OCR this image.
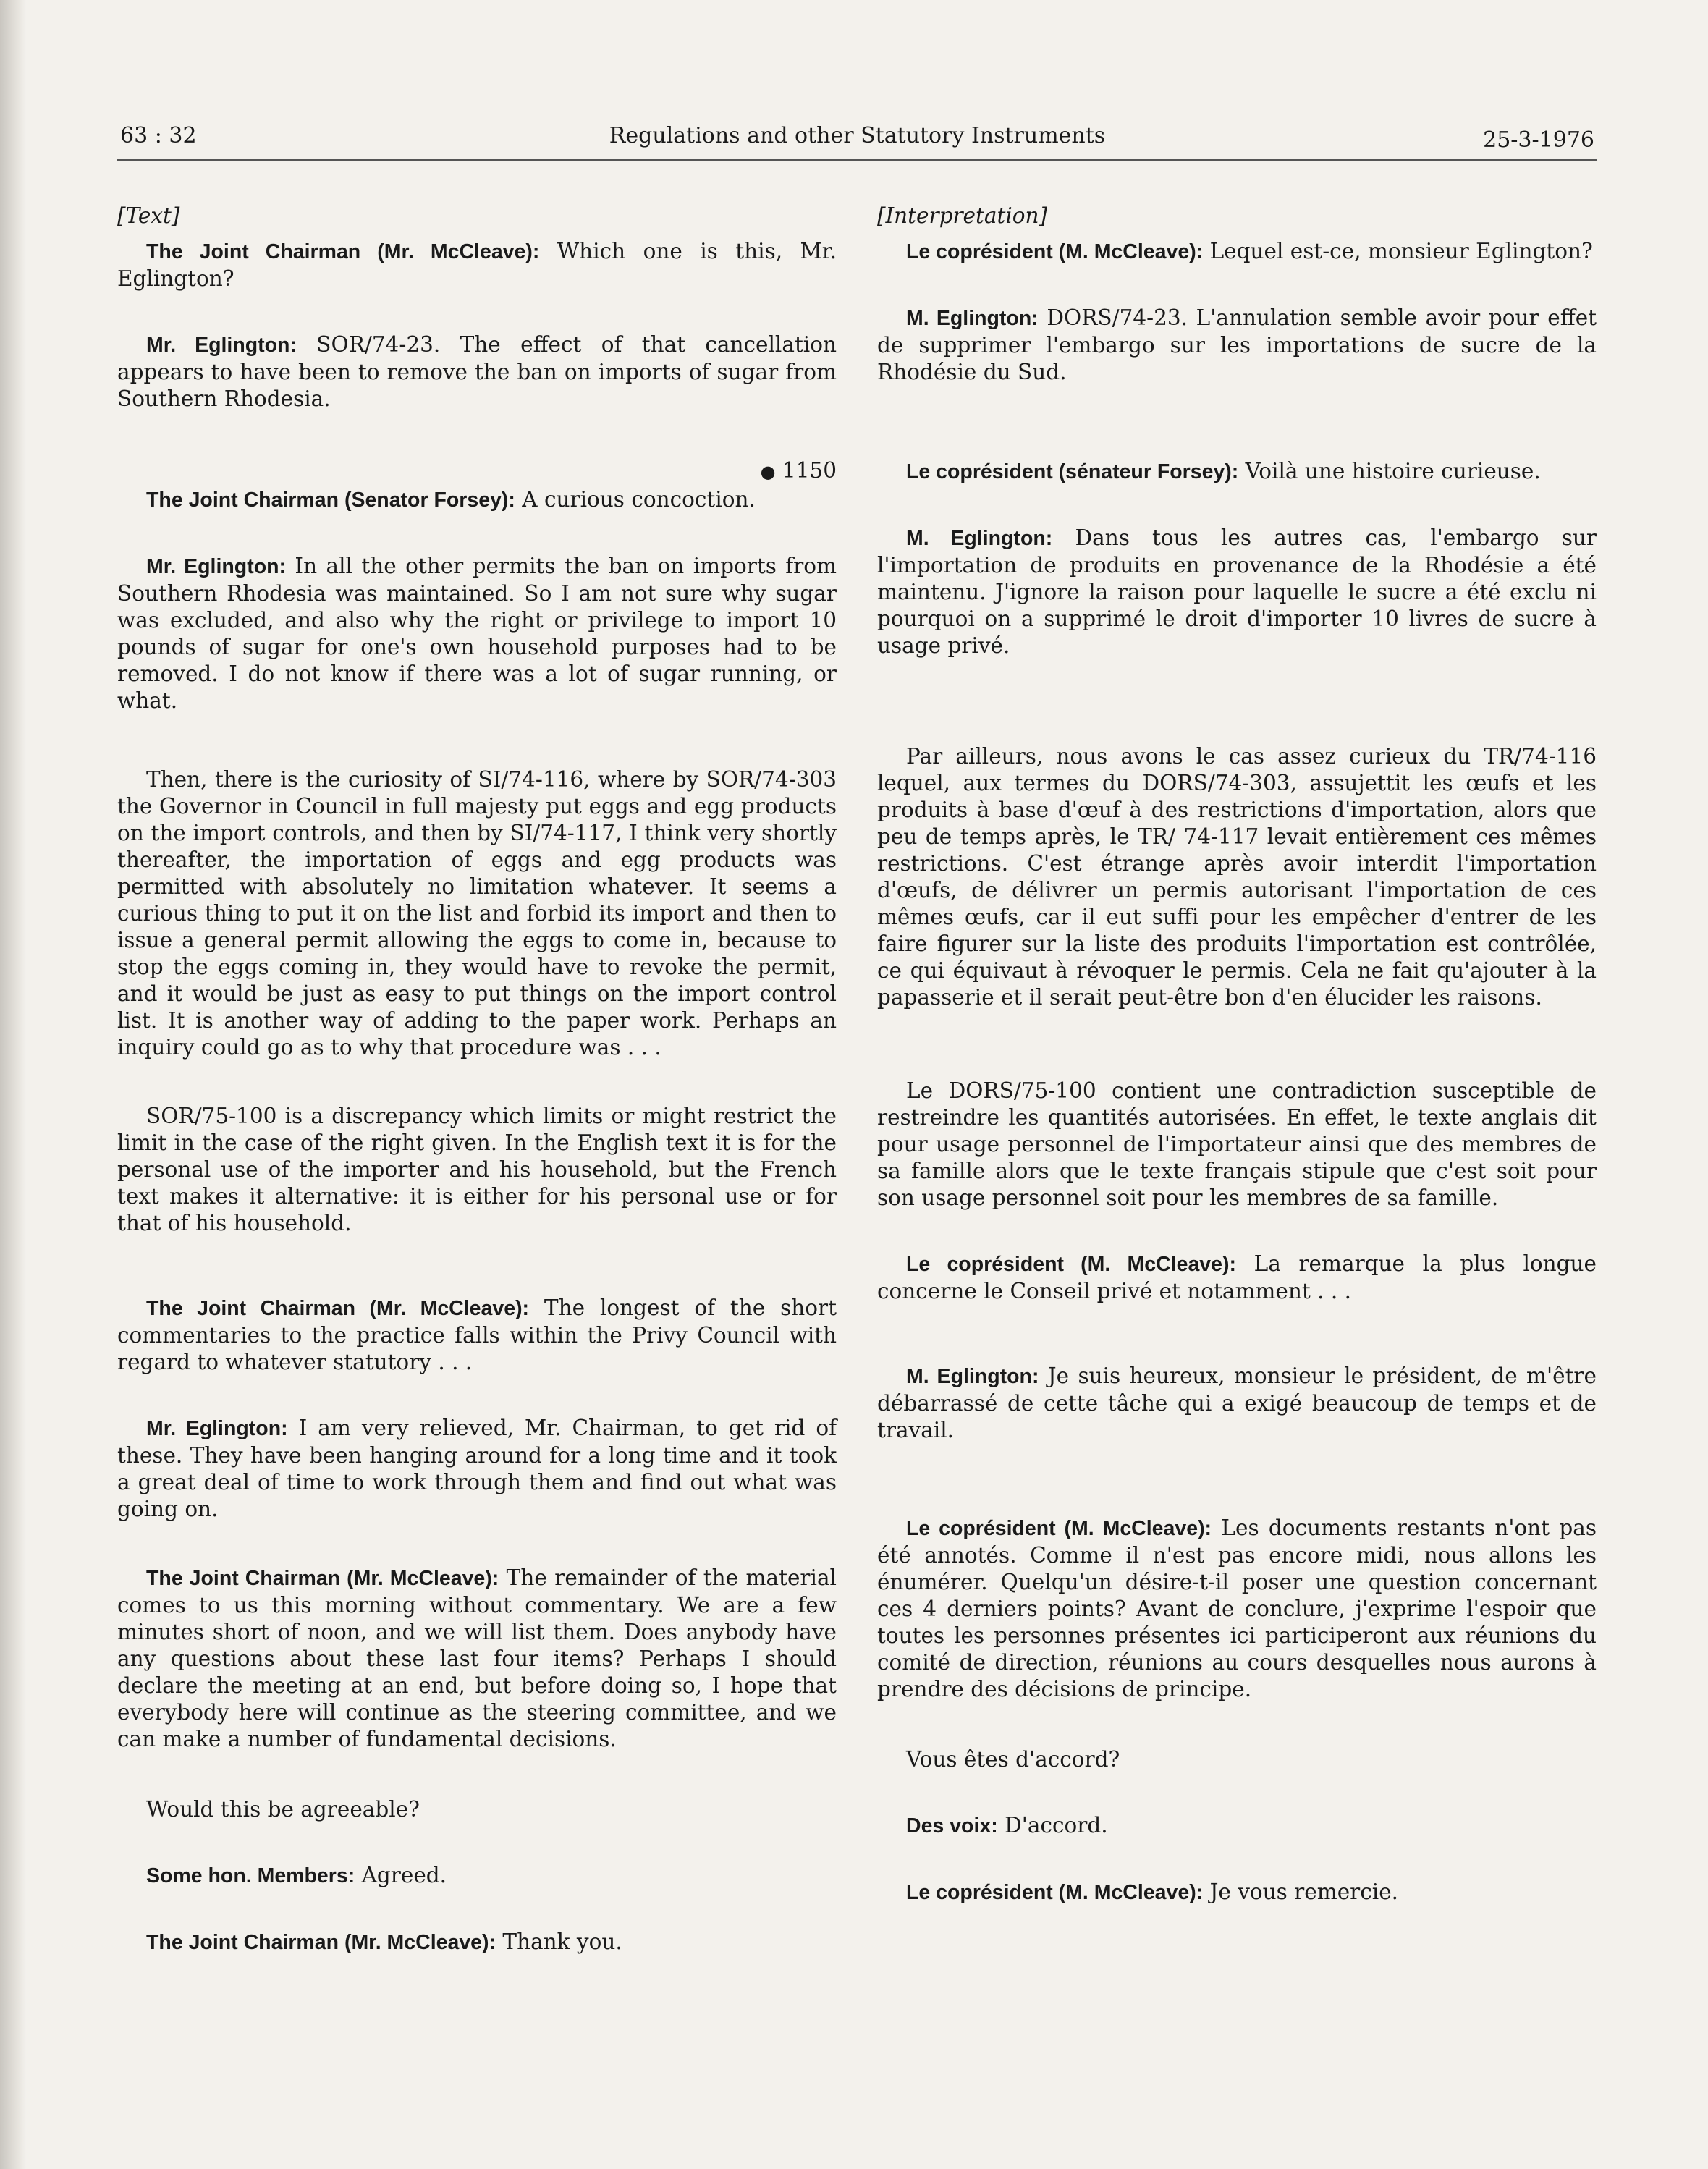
63 : 32	Regulations and other Statutory Instruments	25-3-1976

[Text]

The Joint Chairman (Mr. McCleave): Which one is this, Mr. Eglington?

Mr. Eglington: SOR/74-23. The effect of that cancellation appears to have been to remove the ban on imports of sugar from Southern Rhodesia.

● 1150

The Joint Chairman (Senator Forsey): A curious concoction.

Mr. Eglington: In all the other permits the ban on imports from Southern Rhodesia was maintained. So I am not sure why sugar was excluded, and also why the right or privilege to import 10 pounds of sugar for one's own household purposes had to be removed. I do not know if there was a lot of sugar running, or what.

Then, there is the curiosity of SI/74-116, where by SOR/74-303 the Governor in Council in full majesty put eggs and egg products on the import controls, and then by SI/74-117, I think very shortly thereafter, the importation of eggs and egg products was permitted with absolutely no limitation whatever. It seems a curious thing to put it on the list and forbid its import and then to issue a general permit allowing the eggs to come in, because to stop the eggs coming in, they would have to revoke the permit, and it would be just as easy to put things on the import control list. It is another way of adding to the paper work. Perhaps an inquiry could go as to why that procedure was . . .

SOR/75-100 is a discrepancy which limits or might restrict the limit in the case of the right given. In the English text it is for the personal use of the importer and his household, but the French text makes it alternative: it is either for his personal use or for that of his household.

The Joint Chairman (Mr. McCleave): The longest of the short commentaries to the practice falls within the Privy Council with regard to whatever statutory . . .

Mr. Eglington: I am very relieved, Mr. Chairman, to get rid of these. They have been hanging around for a long time and it took a great deal of time to work through them and find out what was going on.

The Joint Chairman (Mr. McCleave): The remainder of the material comes to us this morning without commentary. We are a few minutes short of noon, and we will list them. Does anybody have any questions about these last four items? Perhaps I should declare the meeting at an end, but before doing so, I hope that everybody here will continue as the steering committee, and we can make a number of fundamental decisions.

Would this be agreeable?

Some hon. Members: Agreed.

The Joint Chairman (Mr. McCleave): Thank you.

[Interpretation]

Le coprésident (M. McCleave): Lequel est-ce, monsieur Eglington?

M. Eglington: DORS/74-23. L'annulation semble avoir pour effet de supprimer l'embargo sur les importations de sucre de la Rhodésie du Sud.

Le coprésident (sénateur Forsey): Voilà une histoire curieuse.

M. Eglington: Dans tous les autres cas, l'embargo sur l'importation de produits en provenance de la Rhodésie a été maintenu. J'ignore la raison pour laquelle le sucre a été exclu ni pourquoi on a supprimé le droit d'importer 10 livres de sucre à usage privé.

Par ailleurs, nous avons le cas assez curieux du TR/74-116 lequel, aux termes du DORS/74-303, assujettit les œufs et les produits à base d'œuf à des restrictions d'importation, alors que peu de temps après, le TR/ 74-117 levait entièrement ces mêmes restrictions. C'est étrange après avoir interdit l'importation d'œufs, de délivrer un permis autorisant l'importation de ces mêmes œufs, car il eut suffi pour les empêcher d'entrer de les faire figurer sur la liste des produits l'importation est contrôlée, ce qui équivaut à révoquer le permis. Cela ne fait qu'ajouter à la papasserie et il serait peut-être bon d'en élucider les raisons.

Le DORS/75-100 contient une contradiction susceptible de restreindre les quantités autorisées. En effet, le texte anglais dit pour usage personnel de l'importateur ainsi que des membres de sa famille alors que le texte français stipule que c'est soit pour son usage personnel soit pour les membres de sa famille.

Le coprésident (M. McCleave): La remarque la plus longue concerne le Conseil privé et notamment . . .

M. Eglington: Je suis heureux, monsieur le président, de m'être débarrassé de cette tâche qui a exigé beaucoup de temps et de travail.

Le coprésident (M. McCleave): Les documents restants n'ont pas été annotés. Comme il n'est pas encore midi, nous allons les énumérer. Quelqu'un désire-t-il poser une question concernant ces 4 derniers points? Avant de conclure, j'exprime l'espoir que toutes les personnes présentes ici participeront aux réunions du comité de direction, réunions au cours desquelles nous aurons à prendre des décisions de principe.

Vous êtes d'accord?

Des voix: D'accord.

Le coprésident (M. McCleave): Je vous remercie.
